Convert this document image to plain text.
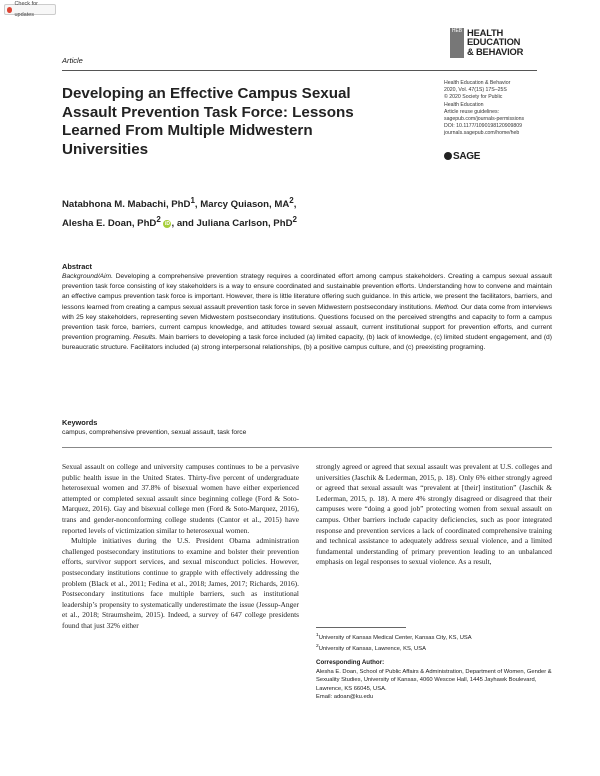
Check for updates
Article
HEB HEALTH
EDUCATION
& BEHAVIOR
Health Education & Behavior
2020, Vol. 47(1S) 17S–25S
© 2020 Society for Public
Health Education
Article reuse guidelines:
sagepub.com/journals-permissions
DOI: 10.1177/1090198120909809
journals.sagepub.com/home/heb
SAGE
Developing an Effective Campus Sexual Assault Prevention Task Force: Lessons Learned From Multiple Midwestern Universities
Natabhona M. Mabachi, PhD$^1$, Marcy Quiason, $MA^2$,
Alesha E. Doan, PhD$^2$ iD , and Juliana Carlson, PhD$^2$
Abstract
Background/Aim. Developing a comprehensive prevention strategy requires a coordinated effort among campus stakeholders. Creating a campus sexual assault prevention task force consisting of key stakeholders is a way to ensure coordinated and sustainable prevention efforts. Understanding how to convene and maintain an effective campus prevention task force is important. However, there is little literature offering such guidance. In this article, we present the facilitators, barriers, and lessons learned from creating a campus sexual assault prevention task force in seven Midwestern postsecondary institutions. Method. Our data come from interviews with 25 key stakeholders, representing seven Midwestern postsecondary institutions. Questions focused on the perceived strengths and capacity to form a campus prevention task force, barriers, current campus knowledge, and attitudes toward sexual assault, current institutional support for prevention efforts, and current prevention programing. Results. Main barriers to developing a task force included (a) limited capacity, (b) lack of knowledge, (c) limited student engagement, and (d) bureaucratic structure. Facilitators included (a) strong interpersonal relationships, (b) a positive campus culture, and (c) preexisting programing.
Keywords
campus, comprehensive prevention, sexual assault, task force

Sexual assault on college and university campuses continues to be a pervasive public health issue in the United States. Thirty-five percent of undergraduate heterosexual women and 37.8% of bisexual women have either experienced attempted or completed sexual assault since beginning college (Ford & Soto-Marquez, 2016). Gay and bisexual college men (Ford & Soto-Marquez, 2016), trans and gender-nonconforming college students (Cantor et al., 2015) have reported levels of victimization similar to heterosexual women.

Multiple initiatives during the U.S. President Obama administration challenged postsecondary institutions to examine and bolster their prevention efforts, survivor support services, and sexual misconduct policies. However, postsecondary institutions continue to grapple with effectively addressing the problem (Black et al., 2011; Fedina et al., 2018; James, 2017; Richards, 2016). Postsecondary institutions face multiple barriers, such as institutional leadership’s propensity to systematically underestimate the issue (Jessup-Anger et al., 2018; Straumsheim, 2015). Indeed, a survey of 647 college presidents found that just 32% either

strongly agreed or agreed that sexual assault was prevalent at U.S. colleges and universities (Jaschik & Lederman, 2015, p. 18). Only 6% either strongly agreed or agreed that sexual assault was “prevalent at [their] institution” (Jaschik & Lederman, 2015, p. 18). A mere 4% strongly disagreed or disagreed that their campuses were “doing a good job” protecting women from sexual assault on campus. Other barriers include capacity deficiencies, such as poor integrated response and prevention services a lack of coordinated comprehensive training and technical assistance to adequately address sexual violence, and a limited fundamental understanding of primary prevention leading to an unbalanced emphasis on legal responses to sexual violence. As a result,

$^1$University of Kansas Medical Center, Kansas City, KS, USA
$^2$University of Kansas, Lawrence, KS, USA
Corresponding Author:
Alesha E. Doan, School of Public Affairs & Administration, Department of Women, Gender & Sexuality Studies, University of Kansas, 4060 Wescoe Hall, 1445 Jayhawk Boulevard, Lawrence, KS 66045, USA.
Email: adoan@ku.edu
